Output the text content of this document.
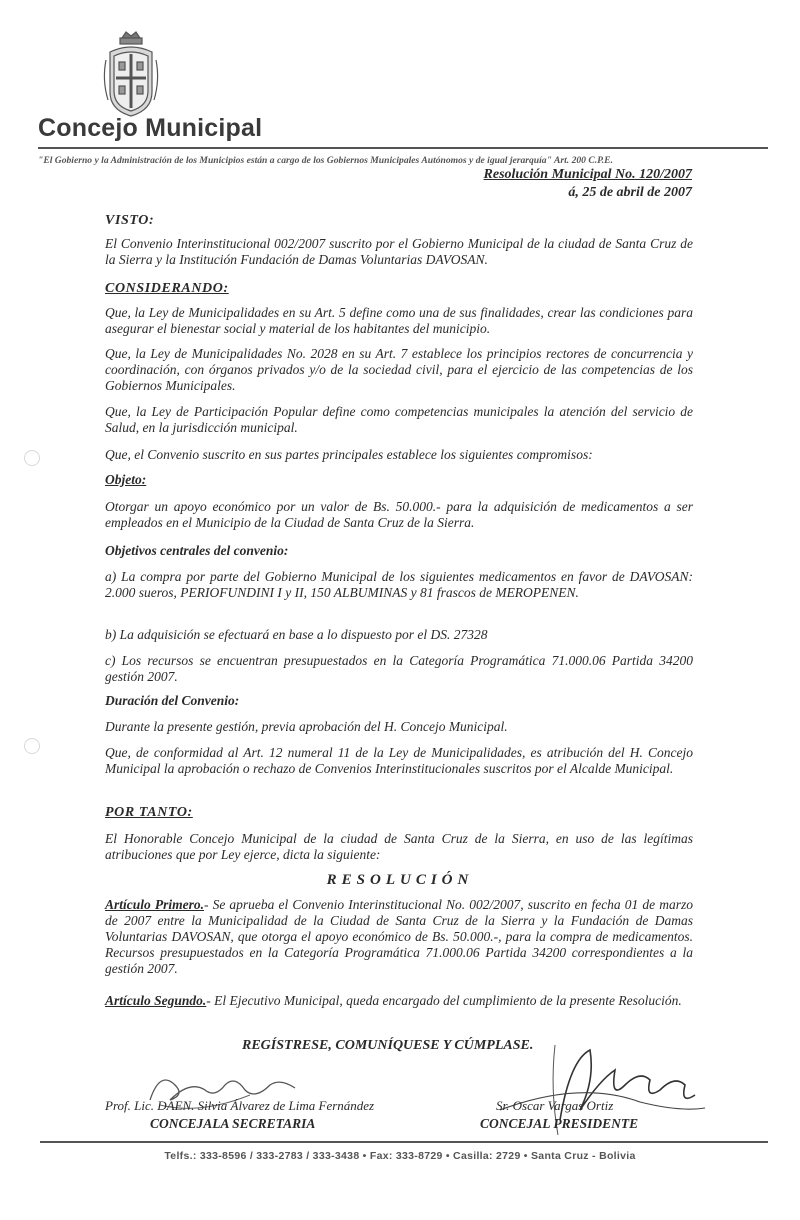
Concejo Municipal
"El Gobierno y la Administración de los Municipios están a cargo de los Gobiernos Municipales Autónomos y de igual jerarquía" Art. 200 C.P.E.
Resolución Municipal No. 120/2007
á, 25 de abril de 2007
VISTO:
El Convenio Interinstitucional 002/2007 suscrito por el Gobierno Municipal de la ciudad de Santa Cruz de la Sierra y la Institución Fundación de Damas Voluntarias DAVOSAN.
CONSIDERANDO:
Que, la Ley de Municipalidades en su Art. 5 define como una de sus finalidades, crear las condiciones para asegurar el bienestar social y material de los habitantes del municipio.
Que, la Ley de Municipalidades No. 2028 en su Art. 7 establece los principios rectores de concurrencia y coordinación, con órganos privados y/o de la sociedad civil, para el ejercicio de las competencias de los Gobiernos Municipales.
Que, la Ley de Participación Popular define como competencias municipales la atención del servicio de Salud, en la jurisdicción municipal.
Que, el Convenio suscrito en sus partes principales establece los siguientes compromisos:
Objeto:
Otorgar un apoyo económico por un valor de Bs. 50.000.- para la adquisición de medicamentos a ser empleados en el Municipio de la Ciudad de Santa Cruz de la Sierra.
Objetivos centrales del convenio:
a) La compra por parte del Gobierno Municipal de los siguientes medicamentos en favor de DAVOSAN: 2.000 sueros, PERIOFUNDINI I y II, 150 ALBUMINAS y 81 frascos de MEROPENEN.
b) La adquisición se efectuará en base a lo dispuesto por el DS. 27328
c) Los recursos se encuentran presupuestados en la Categoría Programática 71.000.06 Partida 34200 gestión 2007.
Duración del Convenio:
Durante la presente gestión, previa aprobación del H. Concejo Municipal.
Que, de conformidad al Art. 12 numeral 11 de la Ley de Municipalidades, es atribución del H. Concejo Municipal la aprobación o rechazo de Convenios Interinstitucionales suscritos por el Alcalde Municipal.
POR TANTO:
El Honorable Concejo Municipal de la ciudad de Santa Cruz de la Sierra, en uso de las legítimas atribuciones que por Ley ejerce, dicta la siguiente:
RESOLUCIÓN
Artículo Primero.- Se aprueba el Convenio Interinstitucional No. 002/2007, suscrito en fecha 01 de marzo de 2007 entre la Municipalidad de la Ciudad de Santa Cruz de la Sierra y la Fundación de Damas Voluntarias DAVOSAN, que otorga el apoyo económico de Bs. 50.000.-, para la compra de medicamentos. Recursos presupuestados en la Categoría Programática 71.000.06 Partida 34200 correspondientes a la gestión 2007.
Artículo Segundo.- El Ejecutivo Municipal, queda encargado del cumplimiento de la presente Resolución.
REGÍSTRESE, COMUNÍQUESE Y CÚMPLASE.
Prof. Lic. DAEN. Silvia Álvarez de Lima Fernández
CONCEJALA SECRETARIA
Sr. Oscar Vargas Ortiz
CONCEJAL PRESIDENTE
Telfs.: 333-8596 / 333-2783 / 333-3438 • Fax: 333-8729 • Casilla: 2729 • Santa Cruz - Bolivia
